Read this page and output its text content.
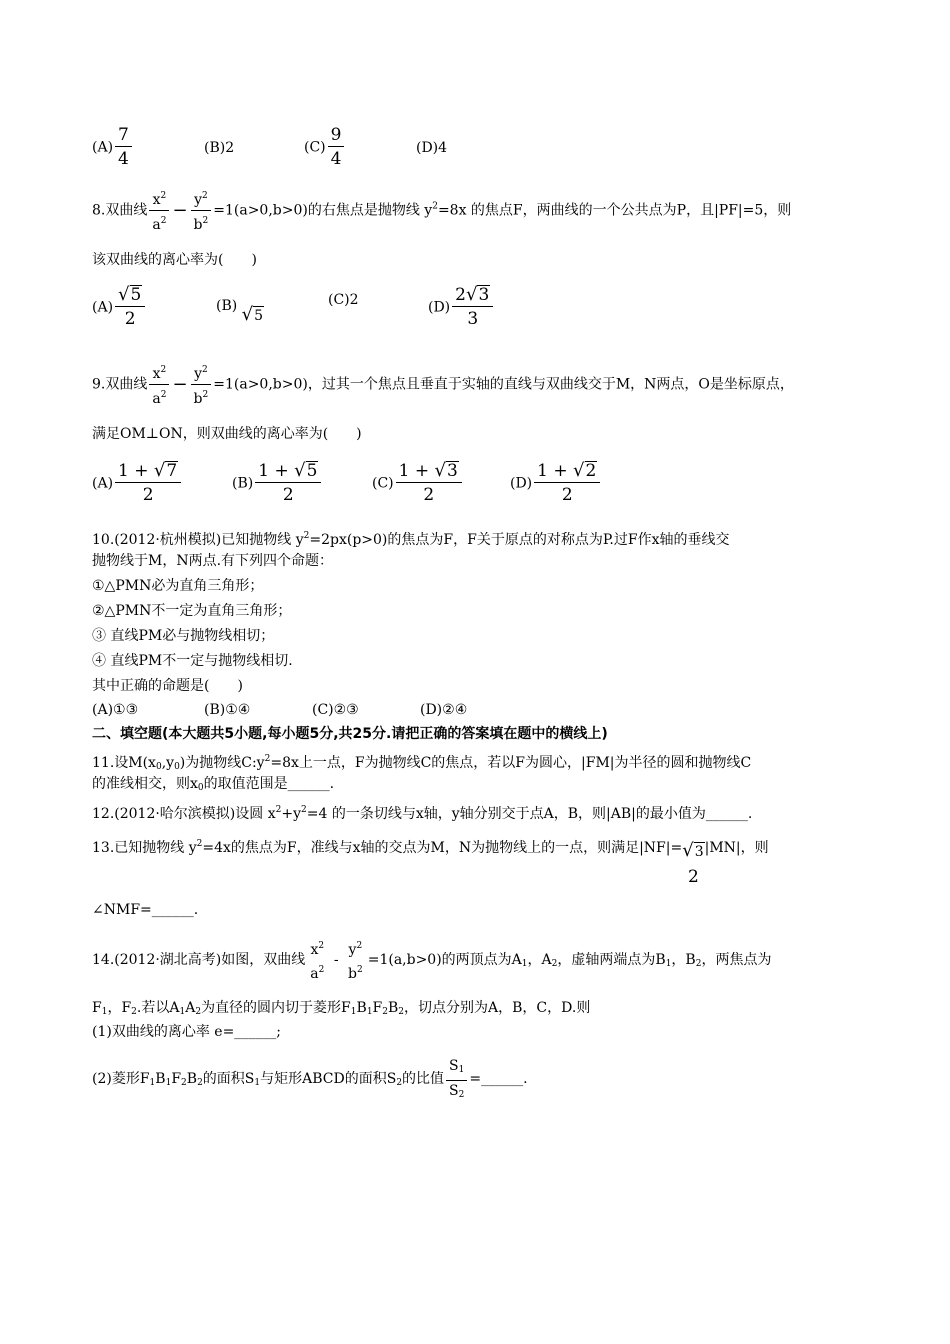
$(A) \frac{7}{4}$	(B)2	$(C) \frac{9}{4}$	(D)4
8.双曲线 $\frac{x^2}{a^2} - \frac{y^2}{b^2} =1(a>0,b>0)$的右焦点是抛物线 $y^2=8x$ 的焦点F，两曲线的一个公共点为P，且|PF|=5，则
该双曲线的离心率为(　　)
$(A) \frac{√5}{2}$	(B) √5
(C)2	$(D) \frac{2√3}{3}$
9.双曲线 $\frac{x^2}{a^2} - \frac{y^2}{b^2} =1(a>0,b>0)$，过其一个焦点且垂直于实轴的直线与双曲线交于M，N两点，O是坐标原点，
满足OM⊥ON，则双曲线的离心率为(　　)
$(A) \frac{1 + √7}{2}$	$(B) \frac{1 + √5}{2}$	$(C) \frac{1 + √3}{2}$	$(D) \frac{1 + √2}{2}$
10.(2012·杭州模拟)已知抛物线 $y^2=2px(p>0)$的焦点为F，F关于原点的对称点为P.过F作x轴的垂线交
抛物线于M，N两点.有下列四个命题：
①△PMN必为直角三角形；
②△PMN不一定为直角三角形；
③ 直线PM必与抛物线相切；
④ 直线PM不一定与抛物线相切.
其中正确的命题是(　　)
(A)①③	(B)①④	(C)②③	(D)②④
二、填空题(本大题共5小题,每小题5分,共25分.请把正确的答案填在题中的横线上)
11.设$M(x_0,y_0)$为抛物线$C:y^2=8x$上一点，F为抛物线C的焦点，若以F为圆心，|FM|为半径的圆和抛物线C
的准线相交，则$x_0$的取值范围是______.
12.(2012·哈尔滨模拟)设圆 $x^2+y^2=4$ 的一条切线与x轴，y轴分别交于点A，B，则|AB|的最小值为______.
13.已知抛物线 $y^2=4x$的焦点为F，准线与x轴的交点为M，N为抛物线上的一点，则满足|NF|= √3
2
|MN|，则
∠NMF=______.
14.(2012·湖北高考)如图，双曲线
$x^2$
$a^2$
-
$y^2$
$b^2$
=1(a,b>0)的两顶点为$A_1$，$A_2$，虚轴两端点为$B_1$，$B_2$，两焦点为
$F_1$，$F_2$.若以$A_1A_2$为直径的圆内切于菱形$F_1B_1F_2B_2$，切点分别为A，B，C，D.则
(1)双曲线的离心率 e=______;
(2)菱形$F_1B_1F_2B_2$的面积$S_1$与矩形ABCD的面积$S_2$的比值 $\frac{S_1}{S_2}$ =______.
